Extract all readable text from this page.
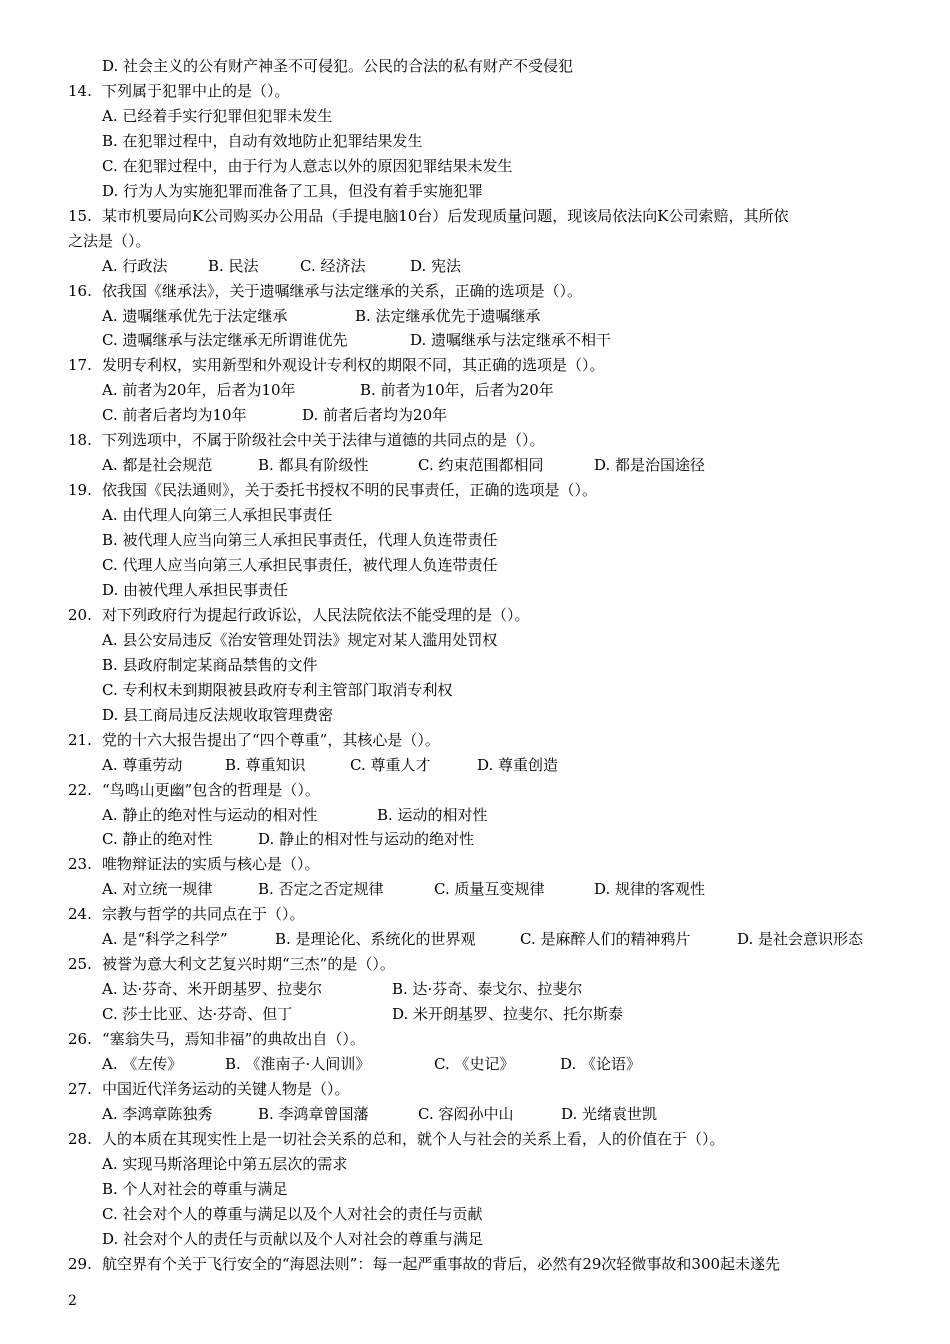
D. 社会主义的公有财产神圣不可侵犯。公民的合法的私有财产不受侵犯
14. 下列属于犯罪中止的是（）。
A. 已经着手实行犯罪但犯罪未发生
B. 在犯罪过程中，自动有效地防止犯罪结果发生
C. 在犯罪过程中，由于行为人意志以外的原因犯罪结果未发生
D. 行为人为实施犯罪而准备了工具，但没有着手实施犯罪
15. 某市机要局向K公司购买办公用品（手提电脑10台）后发现质量问题，现该局依法向K公司索赔，其所依
之法是（）。
A. 行政法	B. 民法	C. 经济法	D. 宪法
16. 依我国《继承法》，关于遗嘱继承与法定继承的关系，正确的选项是（）。
A. 遗嘱继承优先于法定继承	B. 法定继承优先于遗嘱继承
C. 遗嘱继承与法定继承无所谓谁优先	D. 遗嘱继承与法定继承不相干
17. 发明专利权，实用新型和外观设计专利权的期限不同，其正确的选项是（）。
A. 前者为20年，后者为10年	B. 前者为10年，后者为20年
C. 前者后者均为10年	D. 前者后者均为20年
18. 下列选项中，不属于阶级社会中关于法律与道德的共同点的是（）。
A. 都是社会规范	B. 都具有阶级性	C. 约束范围都相同	D. 都是治国途径
19. 依我国《民法通则》，关于委托书授权不明的民事责任，正确的选项是（）。
A. 由代理人向第三人承担民事责任
B. 被代理人应当向第三人承担民事责任，代理人负连带责任
C. 代理人应当向第三人承担民事责任，被代理人负连带责任
D. 由被代理人承担民事责任
20. 对下列政府行为提起行政诉讼，人民法院依法不能受理的是（）。
A. 县公安局违反《治安管理处罚法》规定对某人滥用处罚权
B. 县政府制定某商品禁售的文件
C. 专利权未到期限被县政府专利主管部门取消专利权
D. 县工商局违反法规收取管理费密
21. 党的十六大报告提出了“四个尊重”，其核心是（）。
A. 尊重劳动	B. 尊重知识	C. 尊重人才	D. 尊重创造
22. “鸟鸣山更幽”包含的哲理是（）。
A. 静止的绝对性与运动的相对性	B. 运动的相对性
C. 静止的绝对性	D. 静止的相对性与运动的绝对性
23. 唯物辩证法的实质与核心是（）。
A. 对立统一规律	B. 否定之否定规律	C. 质量互变规律	D. 规律的客观性
24. 宗教与哲学的共同点在于（）。
A. 是“科学之科学”	B. 是理论化、系统化的世界观	C. 是麻醉人们的精神鸦片	D. 是社会意识形态
25. 被誉为意大利文艺复兴时期“三杰”的是（）。
A. 达·芬奇、米开朗基罗、拉斐尔	B. 达·芬奇、泰戈尔、拉斐尔
C. 莎士比亚、达·芬奇、但丁	D. 米开朗基罗、拉斐尔、托尔斯泰
26. “塞翁失马，焉知非福”的典故出自（）。
A. 《左传》	B. 《淮南子·人间训》	C. 《史记》	D. 《论语》
27. 中国近代洋务运动的关键人物是（）。
A. 李鸿章陈独秀	B. 李鸿章曾国藩	C. 容闳孙中山	D. 光绪袁世凯
28. 人的本质在其现实性上是一切社会关系的总和，就个人与社会的关系上看，人的价值在于（）。
A. 实现马斯洛理论中第五层次的需求
B. 个人对社会的尊重与满足
C. 社会对个人的尊重与满足以及个人对社会的责任与贡献
D. 社会对个人的责任与贡献以及个人对社会的尊重与满足
29. 航空界有个关于飞行安全的“海恩法则”：每一起严重事故的背后，必然有29次轻微事故和300起未遂先
2
